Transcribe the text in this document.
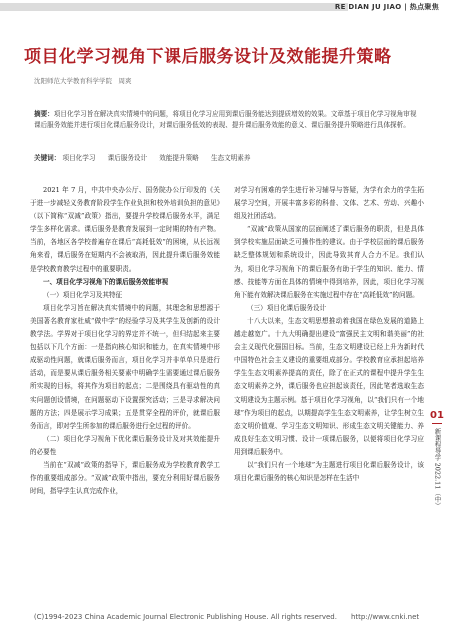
RE DIAN JU JIAO | 热点聚焦
项目化学习视角下课后服务设计及效能提升策略
沈阳师范大学教育科学学院　周爽
摘要：项目化学习旨在解决真实情境中的问题，将项目化学习应用到课后服务能达到提质增效的效果。文章基于项目化学习视角审视课后服务效能并进行项目化课后服务设计，对课后服务低效的表现、提升课后服务效能的意义、课后服务提升策略进行具体探析。
关键词： 项目化学习 课后服务设计 效能提升策略 生态文明素养

2021 年 7 月，中共中央办公厅、国务院办公厅印发的《关于进一步减轻义务教育阶段学生作业负担和校外培训负担的意见》（以下简称“双减”政策）指出，要提升学校课后服务水平，满足学生多样化需求。课后服务是教育发展到一定时期的特有产物。当前，各地区各学校普遍存在课后“高耗低效”的困境，从长远视角来看，课后服务在短期内不会被取消，因此提升课后服务效能是学校教育教学过程中的重要职责。

一、项目化学习视角下的课后服务效能审视
（一）项目化学习及其特征

项目化学习旨在解决真实情境中的问题，其理念和思想源于美国著名教育家杜威“做中学”的经验学习及其学生及创新的设计教学法。学界对于项目化学习的界定并不统一，但归结起来主要包括以下几个方面：一是指向核心知识和能力，在真实情境中形成驱动性问题，就课后服务而言，项目化学习并非单单只是进行活动，而是要从课后服务相关要素中明确学生需要通过课后服务所实现的目标，将其作为项目的起点；二是围绕具有驱动性的真实问题创设情境，在问题驱动下设置探究活动；三是寻求解决问题的方法；四是展示学习成果；五是贯穿全程的评价，就课后服务而言，即对学生所参加的课后服务进行全过程的评价。

（二）项目化学习视角下优化课后服务设计及对其效能提升的必要性

当前在“双减”政策的指导下，课后服务成为学校教育教学工作的重要组成部分。“双减”政策中指出，要充分利用好课后服务时间，指导学生认真完成作业，

对学习有困难的学生进行补习辅导与答疑，为学有余力的学生拓展学习空间，开展丰富多彩的科普、文体、艺术、劳动、兴趣小组及社团活动。

“双减”政策从国家的层面阐述了课后服务的职责，但是具体到学校实施层面缺乏可操作性的建议。由于学校层面的课后服务缺乏整体规划和系统设计，因此导致其育人合力不足。我们认为，项目化学习视角下的课后服务有助于学生的知识、能力、情感、技能等方面在具体的情境中得到培养，因此，项目化学习视角下能有效解决课后服务在实施过程中存在“高耗低效”的问题。

（三）项目化课后服务设计

十八大以来，生态文明思想推动着我国在绿色发展的道路上越走越宽广。十九大明确提出建设“富强民主文明和谐美丽”的社会主义现代化强国目标。当前，生态文明建设已经上升为新时代中国特色社会主义建设的重要组成部分。学校教育应承担起培养学生生态文明素养提高的责任，除了在正式的课程中提升学生生态文明素养之外，课后服务也应担起该责任，因此笔者选取生态文明建设为主题示例。基于项目化学习视角，以“我们只有一个地球”作为项目的起点，以期提高学生生态文明素养，让学生树立生态文明价值观、学习生态文明知识、形成生态文明关键能力、养成良好生态文明习惯、设计一项课后服务，以便将项目化学习应用到课后服务中。

以“我们只有一个地球”为主题进行项目化课后服务设计，该项目化课后服务的核心知识是怎样在生活中

01
新课程导学 2022.11（中）
(C)1994-2023 China Academic Journal Electronic Publishing House. All rights reserved.　　http://www.cnki.net
